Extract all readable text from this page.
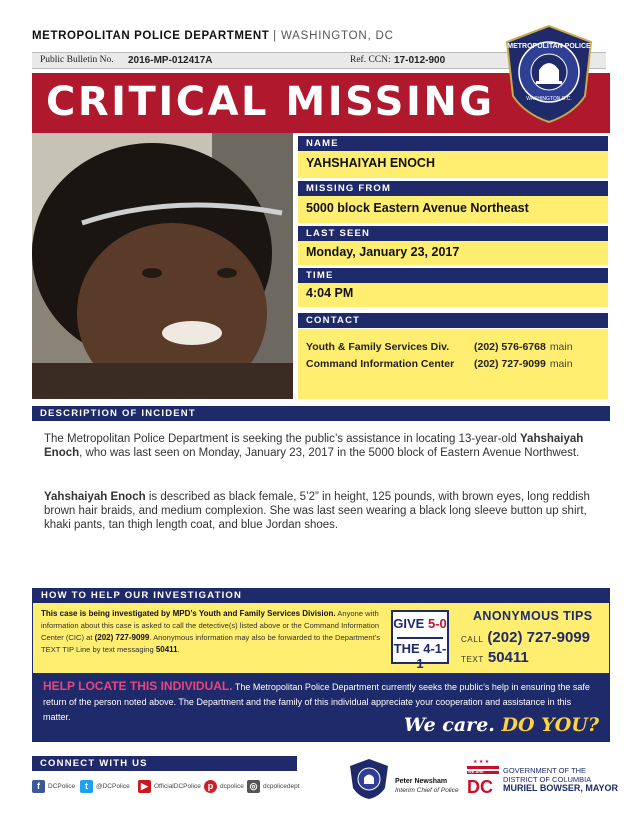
METROPOLITAN POLICE DEPARTMENT | WASHINGTON, DC
Public Bulletin No. 2016-MP-012417A	Ref. CCN: 17-012-900
CRITICAL MISSING
METROPOLITAN POLICE
WASHINGTON D.C.
NAME
YAHSHAIYAH ENOCH
MISSING FROM
5000 block Eastern Avenue Northeast
LAST SEEN
Monday, January 23, 2017
TIME
4:04 PM
CONTACT
Youth & Family Services Div. (202) 576-6768 main
Command Information Center (202) 727-9099 main
DESCRIPTION OF INCIDENT
The Metropolitan Police Department is seeking the public’s assistance in locating 13-year-old Yahshaiyah Enoch, who was last seen on Monday, January 23, 2017 in the 5000 block of Eastern Avenue Northwest.
Yahshaiyah Enoch is described as black female, 5’2” in height, 125 pounds, with brown eyes, long reddish brown hair braids, and medium complexion. She was last seen wearing a black long sleeve button up shirt, khaki pants, tan thigh length coat, and blue Jordan shoes.
HOW TO HELP OUR INVESTIGATION
This case is being investigated by MPD’s Youth and Family Services Division. Anyone with information about this case is asked to call the detective(s) listed above or the Command Information Center (CIC) at (202) 727-9099. Anonymous information may also be forwarded to the Department’s TEXT TIP Line by text messaging 50411.
GIVE 5-0
THE 4-1-1
ANONYMOUS TIPS
CALL (202) 727-9099
TEXT 50411
HELP LOCATE THIS INDIVIDUAL. The Metropolitan Police Department currently seeks the public’s help in ensuring the safe return of the person noted above. The Department and the family of this individual appreciate your cooperation and assistance in this matter.	We care. DO YOU?
CONNECT WITH US
f	DCPolice	t	@DCPolice	▶ OfficialDCPolice p	dcpolice ◎ dcpolicedept
Peter Newsham
Interim Chief of Police
★ ★ ★
WE ARE
DC
GOVERNMENT OF THE
DISTRICT OF COLUMBIA
MURIEL BOWSER, MAYOR
